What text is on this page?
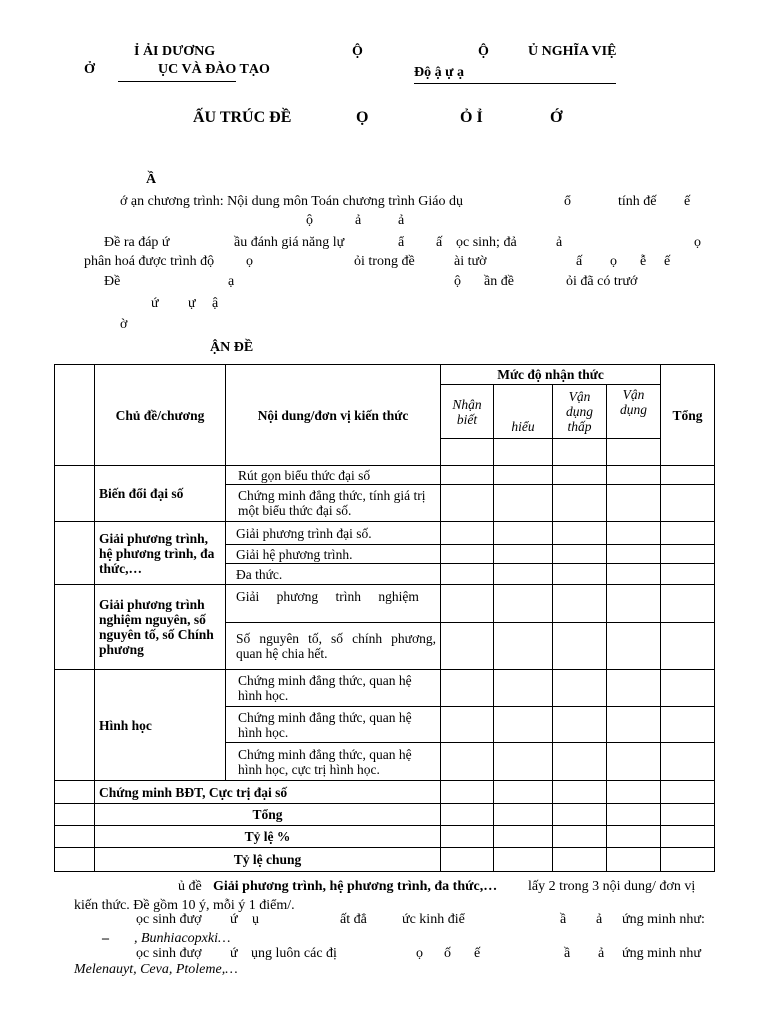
Ỉ ẢI DƯƠNG
Ở	ỤC VÀ ĐÀO TẠO
Ộ	Ộ	Ủ NGHĨA VIỆ
Độ ậ ự ạ
ẤU TRÚC ĐỀ	Ọ	Ỏ Ỉ	Ớ
Ầ
ớ ạn chương trình: Nội dung môn Toán chương trình Giáo dụ	ổ	tính đế ế
ộ	ả	ả
Đề ra đáp ứ	ầu đánh giá năng lự	ẩ ấ ọc sinh; đả	ả	ọ
phân hoá được trình độ ọ	ỏi trong đề	ài tườ	ấ ọ ễ ế
Đề	ạ	ộ ần đề	ỏi đã có trướ
ứ ự ậ
ờ
ẬN ĐỀ
	Chủ đề/chương	Nội dung/đơn vị kiến thức	Mức độ nhận thức				Tổng
			Nhận biết	hiểu	Vận dụng thấp	Vận dụng	

	Biến đổi đại số	Rút gọn biểu thức đại số					
		Chứng minh đẳng thức, tính giá trị một biểu thức đại số.					
	Giải phương trình, hệ phương trình, đa thức,…	Giải phương trình đại số.					
		Giải hệ phương trình.					
		Đa thức.					
	Giải phương trình nghiệm nguyên, số nguyên tố, số Chính phương	Giải phương trình nghiệm					
		Số nguyên tố, số chính phương, quan hệ chia hết.					
	Hình học	Chứng minh đẳng thức, quan hệ hình học.					
		Chứng minh đẳng thức, quan hệ hình học.					
		Chứng minh đẳng thức, quan hệ hình học, cực trị hình học.					
	Chứng minh BĐT, Cực trị đại số						
	Tổng						
	Tỷ lệ %						
	Tỷ lệ chung						
ủ đề Giải phương trình, hệ phương trình, đa thức,… lấy 2 trong 3 nội dung/ đơn vị
kiến thức. Đề gồm 10 ý, mỗi ý 1 điểm/.
ọc sinh đượ ứ ụ	ất đẳ	ức kinh điể	ầ ả ứng minh như:
– , Bunhiacopxki…
ọc sinh đượ ứ ụng luôn các đị	ọ ố ế	ầ ả ứng minh như
Melenauyt, Ceva, Ptoleme,…
